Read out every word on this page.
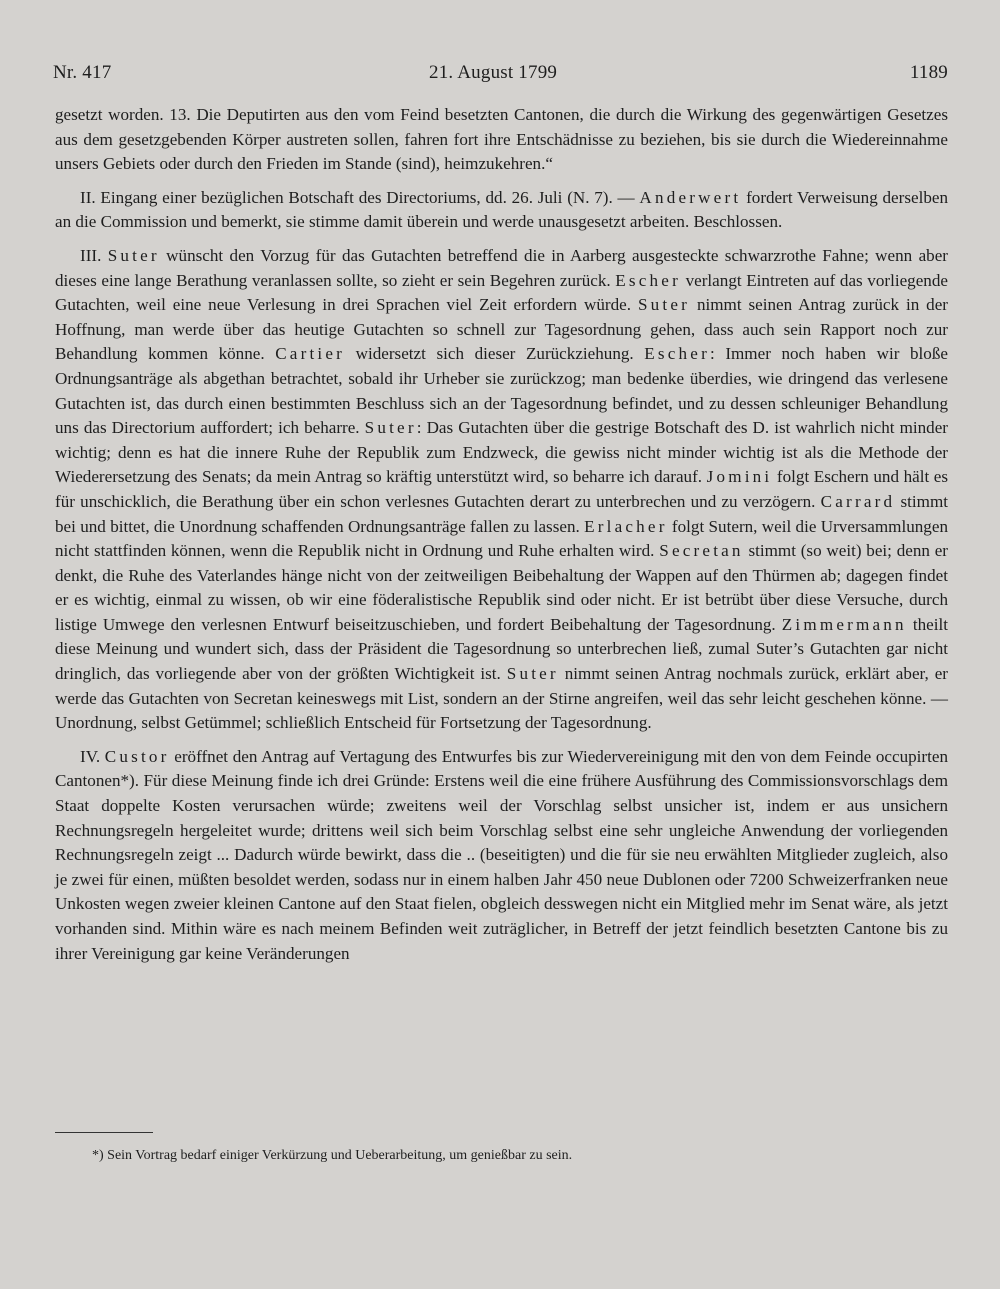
Nr. 417	21. August 1799	1189

gesetzt worden. 13. Die Deputirten aus den vom Feind besetzten Cantonen, die durch die Wirkung des gegenwärtigen Gesetzes aus dem gesetzgebenden Körper austreten sollen, fahren fort ihre Entschädnisse zu beziehen, bis sie durch die Wiedereinnahme unsers Gebiets oder durch den Frieden im Stande (sind), heimzukehren.“

II. Eingang einer bezüglichen Botschaft des Directoriums, dd. 26. Juli (N. 7). — Anderwert fordert Verweisung derselben an die Commission und bemerkt, sie stimme damit überein und werde unausgesetzt arbeiten. Beschlossen.

III. Suter wünscht den Vorzug für das Gutachten betreffend die in Aarberg ausgesteckte schwarzrothe Fahne; wenn aber dieses eine lange Berathung veranlassen sollte, so zieht er sein Begehren zurück. Escher verlangt Eintreten auf das vorliegende Gutachten, weil eine neue Verlesung in drei Sprachen viel Zeit erfordern würde. Suter nimmt seinen Antrag zurück in der Hoffnung, man werde über das heutige Gutachten so schnell zur Tagesordnung gehen, dass auch sein Rapport noch zur Behandlung kommen könne. Cartier widersetzt sich dieser Zurückziehung. Escher: Immer noch haben wir bloße Ordnungsanträge als abgethan betrachtet, sobald ihr Urheber sie zurückzog; man bedenke überdies, wie dringend das verlesene Gutachten ist, das durch einen bestimmten Beschluss sich an der Tagesordnung befindet, und zu dessen schleuniger Behandlung uns das Directorium auffordert; ich beharre. Suter: Das Gutachten über die gestrige Botschaft des D. ist wahrlich nicht minder wichtig; denn es hat die innere Ruhe der Republik zum Endzweck, die gewiss nicht minder wichtig ist als die Methode der Wiederersetzung des Senats; da mein Antrag so kräftig unterstützt wird, so beharre ich darauf. Jomini folgt Eschern und hält es für unschicklich, die Berathung über ein schon verlesnes Gutachten derart zu unterbrechen und zu verzögern. Carrard stimmt bei und bittet, die Unordnung schaffenden Ordnungsanträge fallen zu lassen. Erlacher folgt Sutern, weil die Urversammlungen nicht stattfinden können, wenn die Republik nicht in Ordnung und Ruhe erhalten wird. Secretan stimmt (so weit) bei; denn er denkt, die Ruhe des Vaterlandes hänge nicht von der zeitweiligen Beibehaltung der Wappen auf den Thürmen ab; dagegen findet er es wichtig, einmal zu wissen, ob wir eine föderalistische Republik sind oder nicht. Er ist betrübt über diese Versuche, durch listige Umwege den verlesnen Entwurf beiseitzuschieben, und fordert Beibehaltung der Tagesordnung. Zimmermann theilt diese Meinung und wundert sich, dass der Präsident die Tagesordnung so unterbrechen ließ, zumal Suter’s Gutachten gar nicht dringlich, das vorliegende aber von der größten Wichtigkeit ist. Suter nimmt seinen Antrag nochmals zurück, erklärt aber, er werde das Gutachten von Secretan keineswegs mit List, sondern an der Stirne angreifen, weil das sehr leicht geschehen könne. — Unordnung, selbst Getümmel; schließlich Entscheid für Fortsetzung der Tagesordnung.

IV. Custor eröffnet den Antrag auf Vertagung des Entwurfes bis zur Wiedervereinigung mit den von dem Feinde occupirten Cantonen*). Für diese Meinung finde ich drei Gründe: Erstens weil die eine frühere Ausführung des Commissionsvorschlags dem Staat doppelte Kosten verursachen würde; zweitens weil der Vorschlag selbst unsicher ist, indem er aus unsichern Rechnungsregeln hergeleitet wurde; drittens weil sich beim Vorschlag selbst eine sehr ungleiche Anwendung der vorliegenden Rechnungsregeln zeigt ... Dadurch würde bewirkt, dass die .. (beseitigten) und die für sie neu erwählten Mitglieder zugleich, also je zwei für einen, müßten besoldet werden, sodass nur in einem halben Jahr 450 neue Dublonen oder 7200 Schweizerfranken neue Unkosten wegen zweier kleinen Cantone auf den Staat fielen, obgleich desswegen nicht ein Mitglied mehr im Senat wäre, als jetzt vorhanden sind. Mithin wäre es nach meinem Befinden weit zuträglicher, in Betreff der jetzt feindlich besetzten Cantone bis zu ihrer Vereinigung gar keine Veränderungen

*) Sein Vortrag bedarf einiger Verkürzung und Ueberarbeitung, um genießbar zu sein.
